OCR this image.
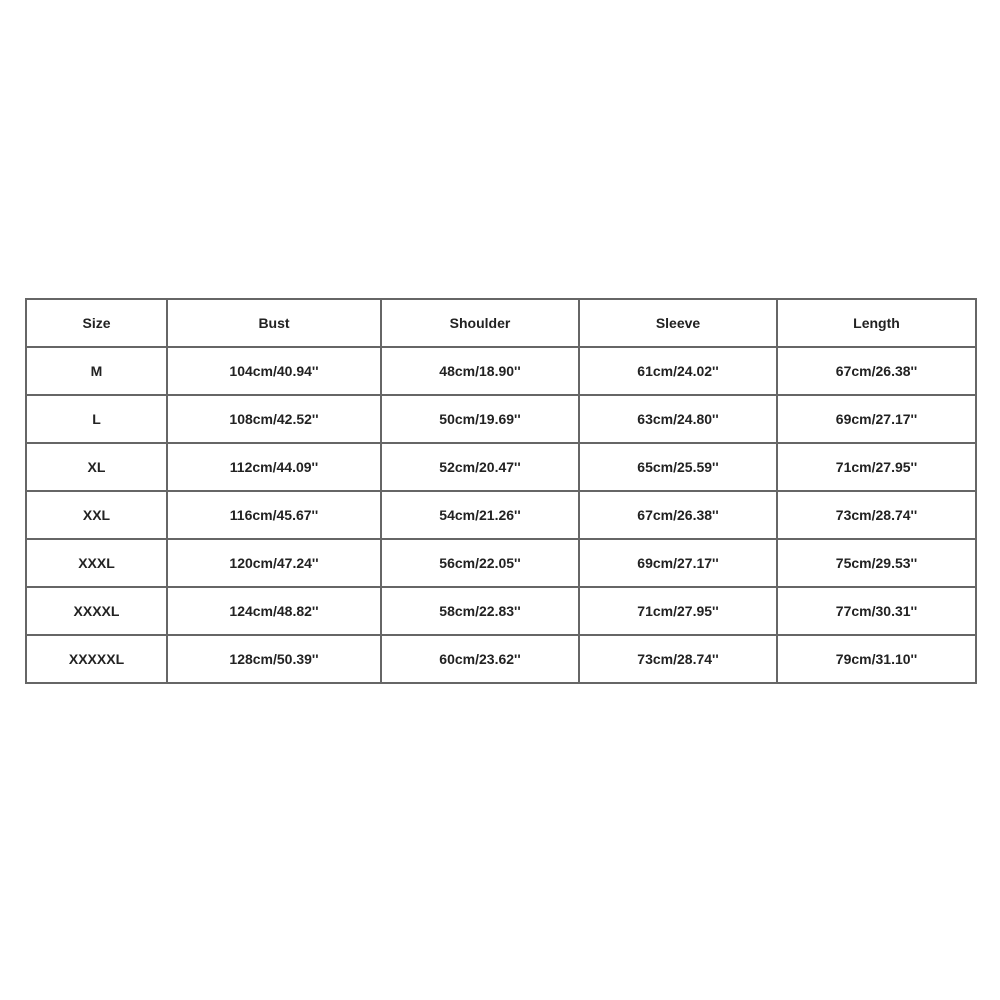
Size	Bust	Shoulder	Sleeve	Length
M	104cm/40.94''	48cm/18.90''	61cm/24.02''	67cm/26.38''
L	108cm/42.52''	50cm/19.69''	63cm/24.80''	69cm/27.17''
XL	112cm/44.09''	52cm/20.47''	65cm/25.59''	71cm/27.95''
XXL	116cm/45.67''	54cm/21.26''	67cm/26.38''	73cm/28.74''
XXXL	120cm/47.24''	56cm/22.05''	69cm/27.17''	75cm/29.53''
XXXXL	124cm/48.82''	58cm/22.83''	71cm/27.95''	77cm/30.31''
XXXXXL	128cm/50.39''	60cm/23.62''	73cm/28.74''	79cm/31.10''
